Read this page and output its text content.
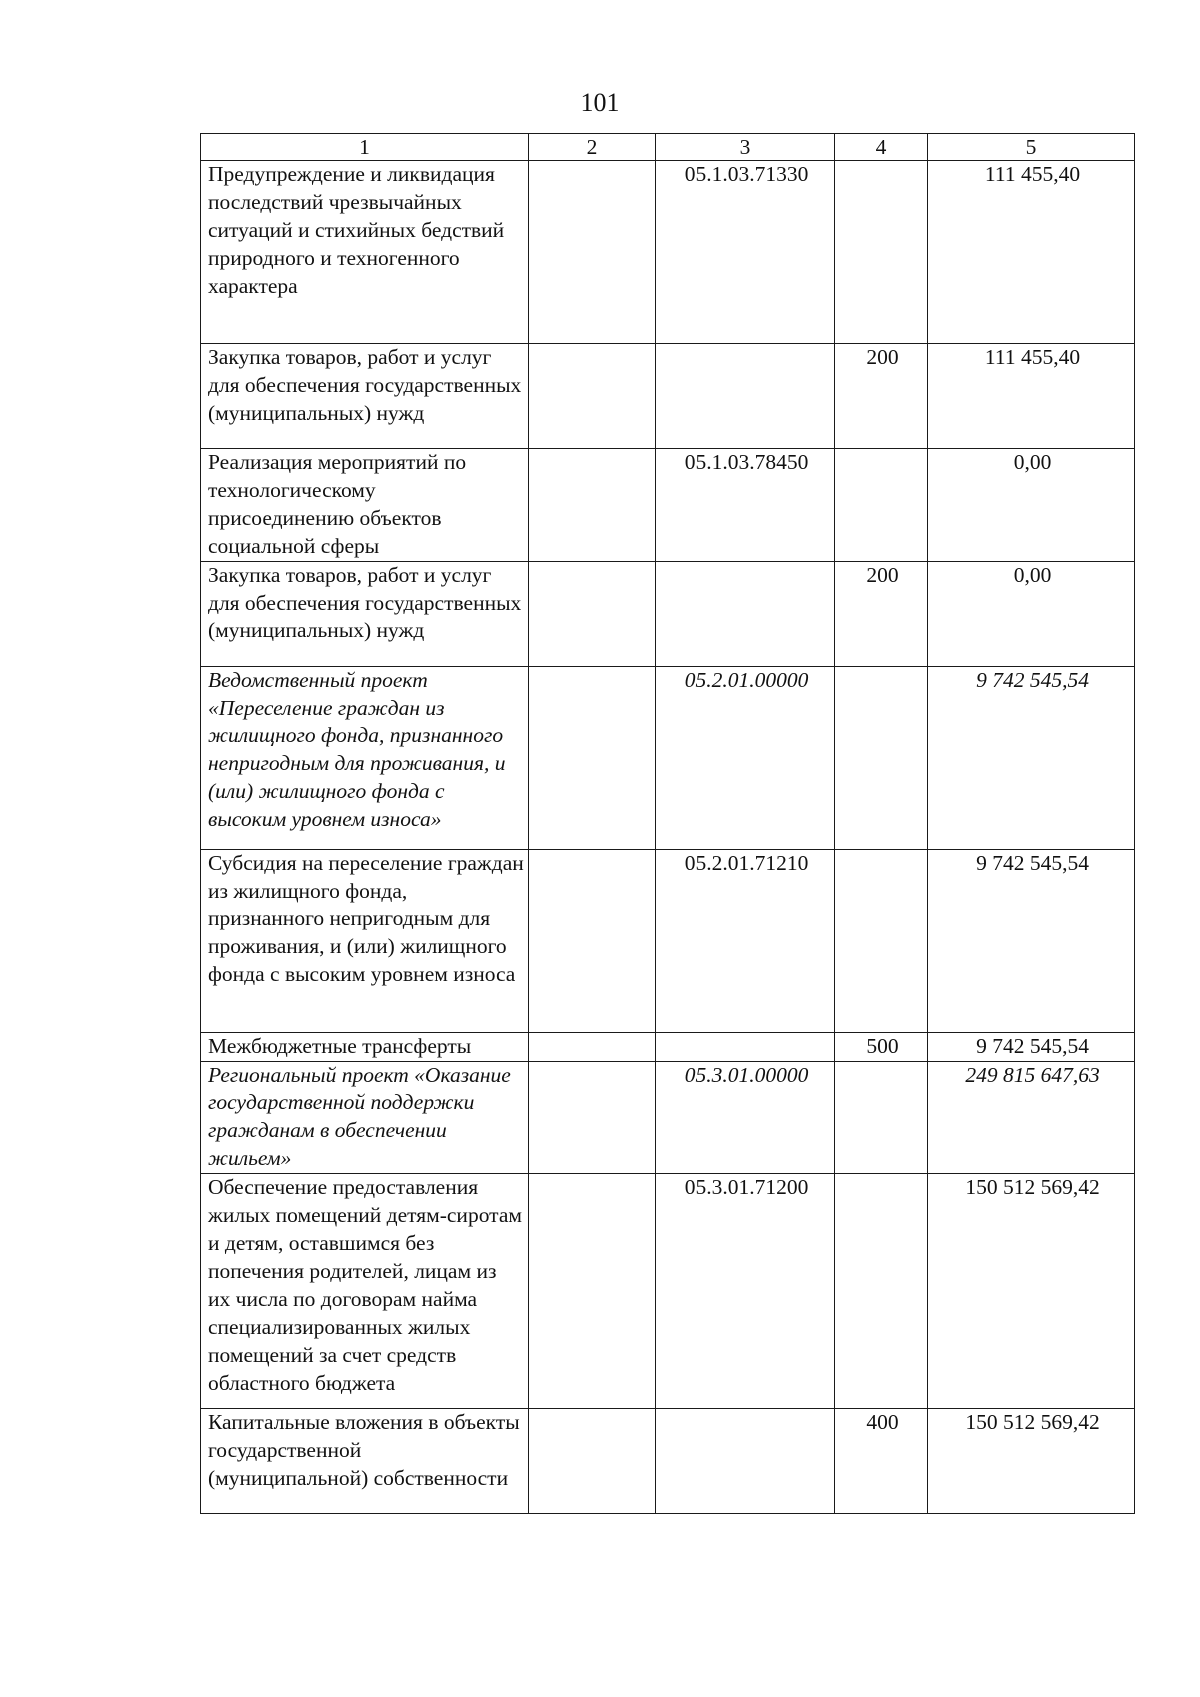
101
1	2	3	4	5
Предупреждение и ликвидация последствий чрезвычайных ситуаций и стихийных бедствий природного и техногенного характера		05.1.03.71330		111 455,40
Закупка товаров, работ и услуг для обеспечения государственных (муниципальных) нужд			200	111 455,40
Реализация мероприятий по технологическому присоединению объектов социальной сферы		05.1.03.78450		0,00
Закупка товаров, работ и услуг для обеспечения государственных (муниципальных) нужд			200	0,00
Ведомственный проект «Переселение граждан из жилищного фонда, признанного непригодным для проживания, и (или) жилищного фонда с высоким уровнем износа»		05.2.01.00000		9 742 545,54
Субсидия на переселение граждан из жилищного фонда, признанного непригодным для проживания, и (или) жилищного фонда с высоким уровнем износа		05.2.01.71210		9 742 545,54
Межбюджетные трансферты			500	9 742 545,54
Региональный проект «Оказание государственной поддержки гражданам в обеспечении жильем»		05.3.01.00000		249 815 647,63
Обеспечение предоставления жилых помещений детям-сиротам и детям, оставшимся без попечения родителей, лицам из их числа по договорам найма специализированных жилых помещений за счет средств областного бюджета		05.3.01.71200		150 512 569,42
Капитальные вложения в объекты государственной (муниципальной) собственности			400	150 512 569,42
